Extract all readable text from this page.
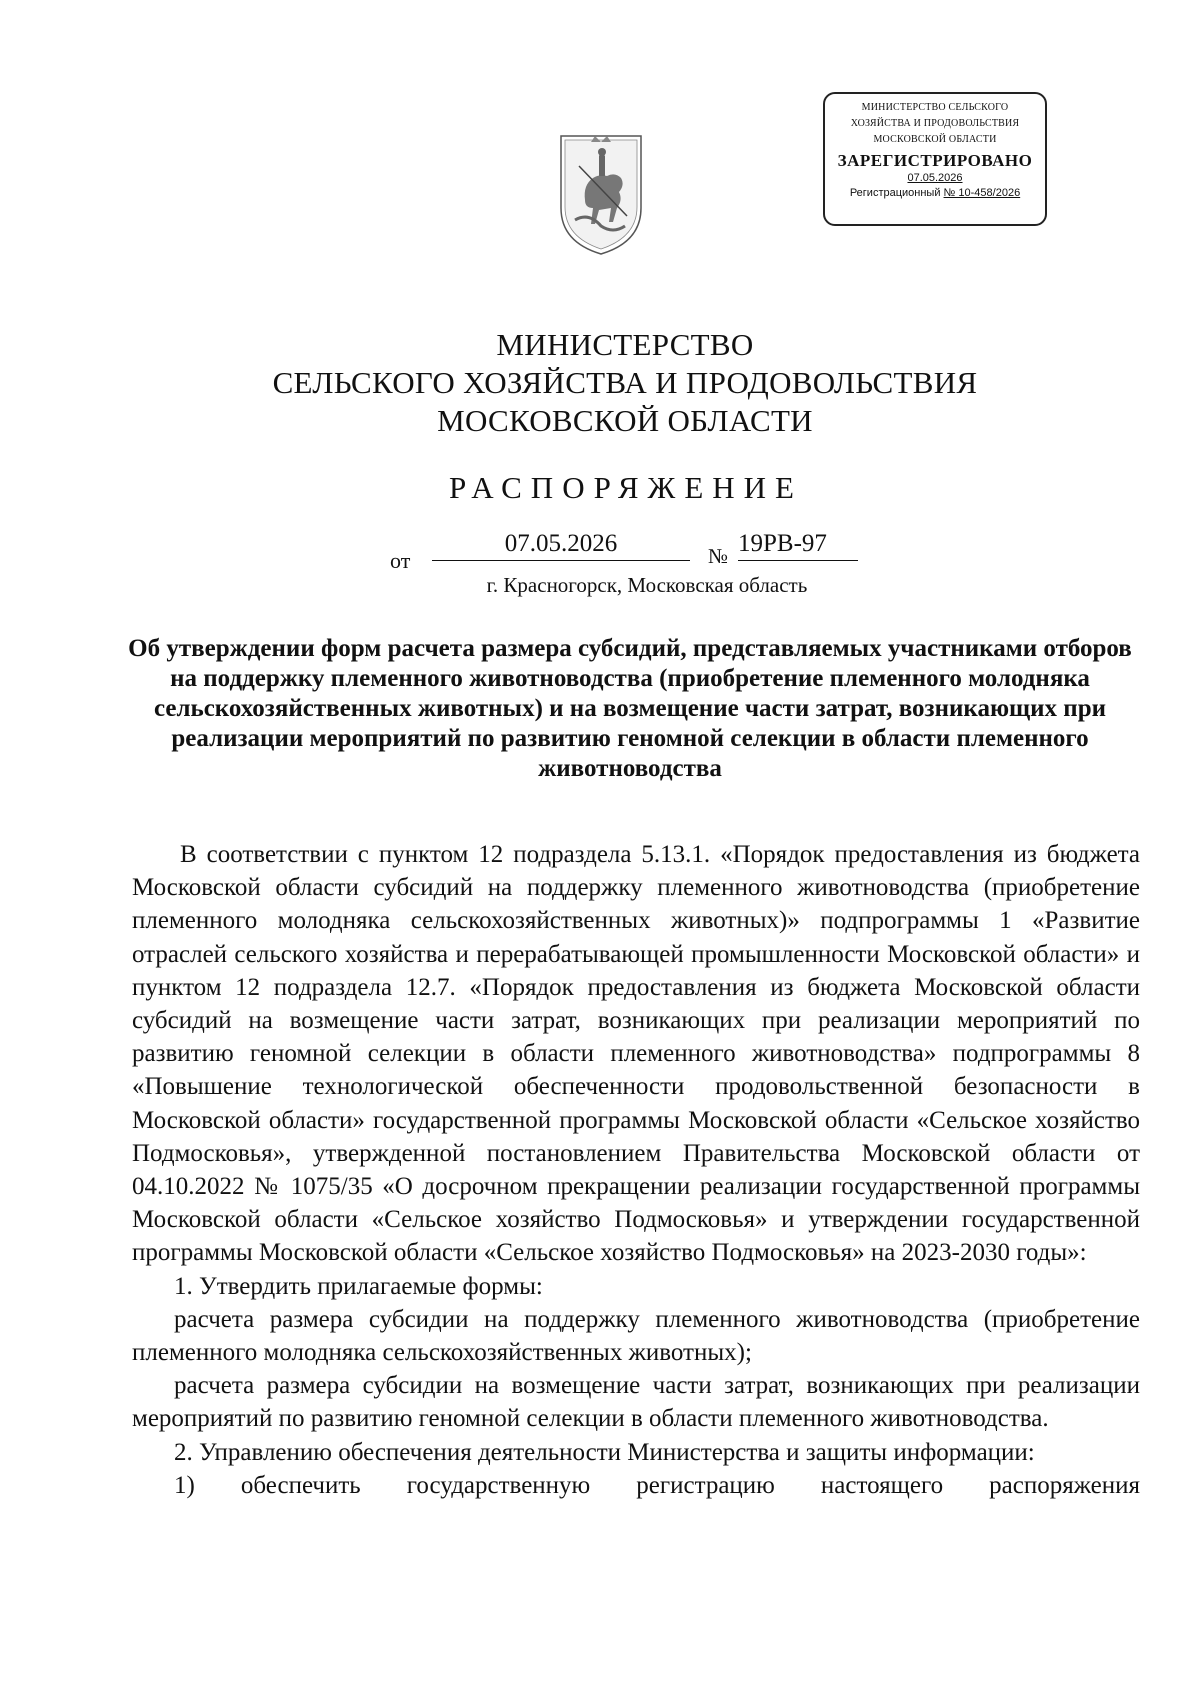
МИНИСТЕРСТВО СЕЛЬСКОГО
ХОЗЯЙСТВА И ПРОДОВОЛЬСТВИЯ
МОСКОВСКОЙ ОБЛАСТИ
ЗАРЕГИСТРИРОВАНО
07.05.2026
Регистрационный № 10-458/2026
МИНИСТЕРСТВО
СЕЛЬСКОГО ХОЗЯЙСТВА И ПРОДОВОЛЬСТВИЯ
МОСКОВСКОЙ ОБЛАСТИ
РАСПОРЯЖЕНИЕ
от
07.05.2026	№ 19РВ-97
г. Красногорск, Московская область
Об утверждении форм расчета размера субсидий, представляемых участниками отборов на поддержку племенного животноводства (приобретение племенного молодняка сельскохозяйственных животных) и на возмещение части затрат, возникающих при реализации мероприятий по развитию геномной селекции в области племенного животноводства

В соответствии с пунктом 12 подраздела 5.13.1. «Порядок предоставления из бюджета Московской области субсидий на поддержку племенного животноводства (приобретение племенного молодняка сельскохозяйственных животных)» подпрограммы 1 «Развитие отраслей сельского хозяйства и перерабатывающей промышленности Московской области» и пунктом 12 подраздела 12.7. «Порядок предоставления из бюджета Московской области субсидий на возмещение части затрат, возникающих при реализации мероприятий по развитию геномной селекции в области племенного животноводства» подпрограммы 8 «Повышение технологической обеспеченности продовольственной безопасности в Московской области» государственной программы Московской области «Сельское хозяйство Подмосковья», утвержденной постановлением Правительства Московской области от 04.10.2022 № 1075/35 «О досрочном прекращении реализации государственной программы Московской области «Сельское хозяйство Подмосковья» и утверждении государственной программы Московской области «Сельское хозяйство Подмосковья» на 2023-2030 годы»:

1. Утвердить прилагаемые формы:

расчета размера субсидии на поддержку племенного животноводства (приобретение племенного молодняка сельскохозяйственных животных);

расчета размера субсидии на возмещение части затрат, возникающих при реализации мероприятий по развитию геномной селекции в области племенного животноводства.

2. Управлению обеспечения деятельности Министерства и защиты информации:

1) обеспечить государственную регистрацию настоящего распоряжения
